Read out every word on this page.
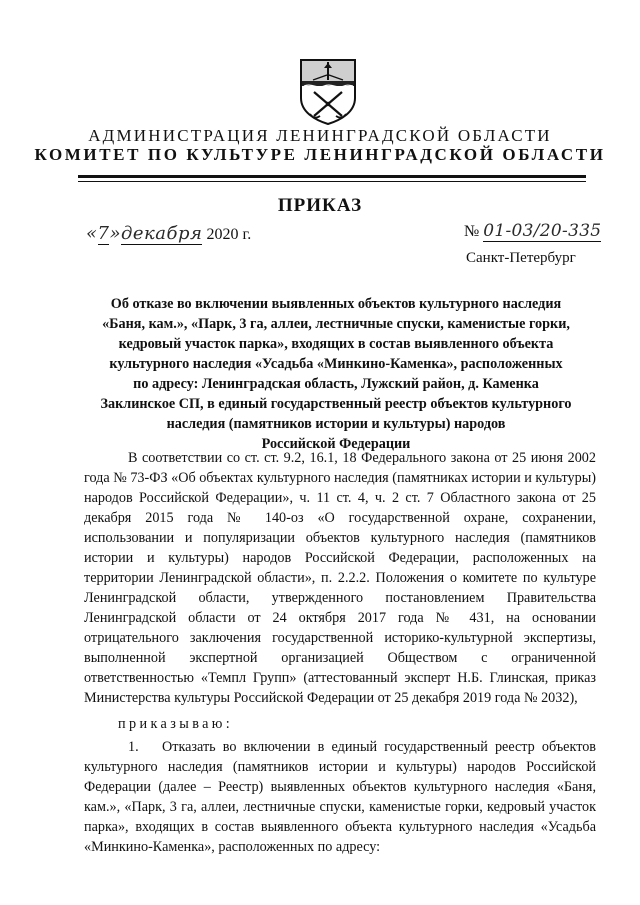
АДМИНИСТРАЦИЯ ЛЕНИНГРАДСКОЙ ОБЛАСТИ
КОМИТЕТ ПО КУЛЬТУРЕ ЛЕНИНГРАДСКОЙ ОБЛАСТИ
ПРИКАЗ
«7»декабря 2020 г.	№ 01-03/20-335
Санкт-Петербург
Об отказе во включении выявленных объектов культурного наследия
«Баня, кам.», «Парк, 3 га, аллеи, лестничные спуски, каменистые горки,
кедровый участок парка», входящих в состав выявленного объекта
культурного наследия «Усадьба «Минкино-Каменка», расположенных
по адресу: Ленинградская область, Лужский район, д. Каменка
Заклинское СП, в единый государственный реестр объектов культурного
наследия (памятников истории и культуры) народов
Российской Федерации

В соответствии со ст. ст. 9.2, 16.1, 18 Федерального закона от 25 июня 2002 года № 73-ФЗ «Об объектах культурного наследия (памятниках истории и культуры) народов Российской Федерации», ч. 11 ст. 4, ч. 2 ст. 7 Областного закона от 25 декабря 2015 года № 140-оз «О государственной охране, сохранении, использовании и популяризации объектов культурного наследия (памятников истории и культуры) народов Российской Федерации, расположенных на территории Ленинградской области», п. 2.2.2. Положения о комитете по культуре Ленинградской области, утвержденного постановлением Правительства Ленинградской области от 24 октября 2017 года № 431, на основании отрицательного заключения государственной историко-культурной экспертизы, выполненной экспертной организацией Обществом с ограниченной ответственностью «Темпл Групп» (аттестованный эксперт Н.Б. Глинская, приказ Министерства культуры Российской Федерации от 25 декабря 2019 года № 2032),

приказываю:

1. Отказать во включении в единый государственный реестр объектов культурного наследия (памятников истории и культуры) народов Российской Федерации (далее – Реестр) выявленных объектов культурного наследия «Баня, кам.», «Парк, 3 га, аллеи, лестничные спуски, каменистые горки, кедровый участок парка», входящих в состав выявленного объекта культурного наследия «Усадьба «Минкино-Каменка», расположенных по адресу:
